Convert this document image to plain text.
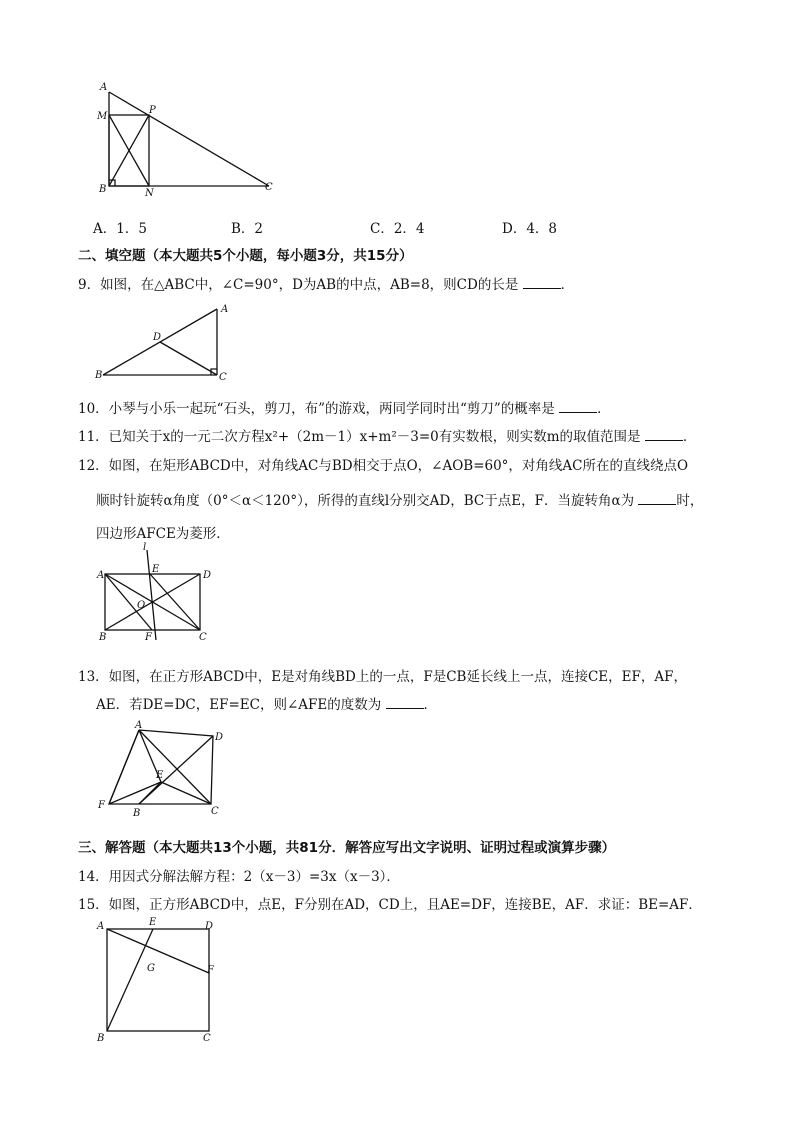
A
P
M
B	N
C
A．1．5	B．2	C．2．4	D．4．8
二、填空题（本大题共5个小题，每小题3分，共15分）
9．如图，在△ABC中，∠C=90°，D为AB的中点，AB=8，则CD的长是	．
A
D
B	C
10．小琴与小乐一起玩“石头，剪刀，布”的游戏，两同学同时出“剪刀”的概率是	．
11．已知关于x的一元二次方程x²+（2m－1）x+m²－3=0有实数根，则实数m的取值范围是	．
12．如图，在矩形ABCD中，对角线AC与BD相交于点O，∠AOB=60°，对角线AC所在的直线绕点O
顺时针旋转α角度（0°＜α＜120°），所得的直线l分别交AD，BC于点E，F．当旋转角α为	时，
四边形AFCE为菱形．
l
A
E
D
O
B	F	C
13．如图，在正方形ABCD中，E是对角线BD上的一点，F是CB延长线上一点，连接CE，EF，AF，
AE．若DE=DC，EF=EC，则∠AFE的度数为	．
A
D
E
F
B	C
三、解答题（本大题共13个小题，共81分．解答应写出文字说明、证明过程或演算步骤）
14．用因式分解法解方程：2（x－3）=3x（x－3）．
15．如图，正方形ABCD中，点E，F分别在AD，CD上，且AE=DF，连接BE，AF．求证：BE=AF．
A	E	D
G	F
B	C
